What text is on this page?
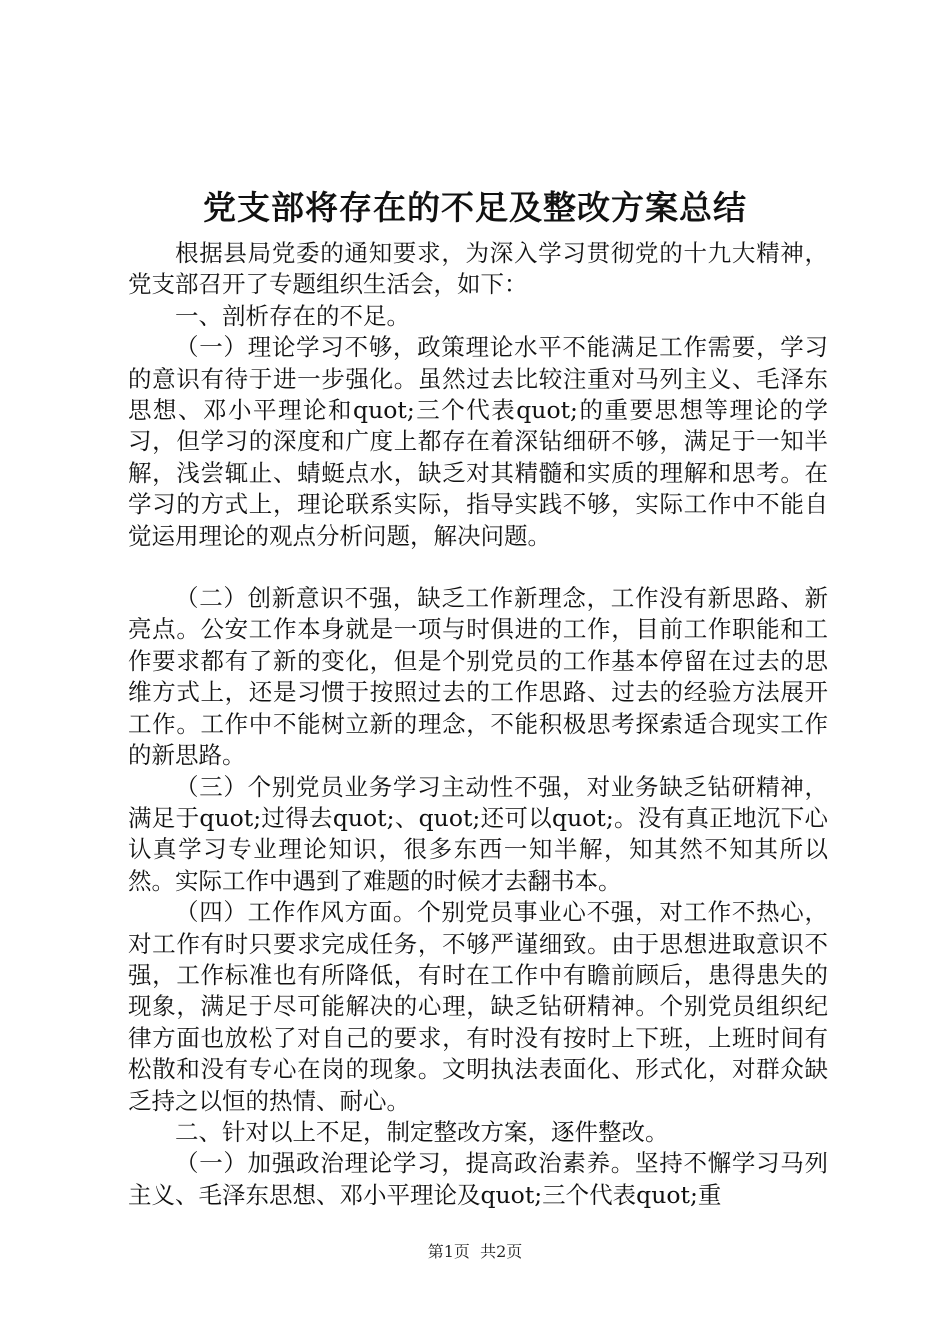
党支部将存在的不足及整改方案总结

根据县局党委的通知要求，为深入学习贯彻党的十九大精神，党支部召开了专题组织生活会，如下：

一、剖析存在的不足。

（一）理论学习不够，政策理论水平不能满足工作需要，学习的意识有待于进一步强化。虽然过去比较注重对马列主义、毛泽东思想、邓小平理论和quot;三个代表quot;的重要思想等理论的学习，但学习的深度和广度上都存在着深钻细研不够，满足于一知半解，浅尝辄止、蜻蜓点水，缺乏对其精髓和实质的理解和思考。在学习的方式上，理论联系实际，指导实践不够，实际工作中不能自觉运用理论的观点分析问题，解决问题。

（二）创新意识不强，缺乏工作新理念，工作没有新思路、新亮点。公安工作本身就是一项与时俱进的工作，目前工作职能和工作要求都有了新的变化，但是个别党员的工作基本停留在过去的思维方式上，还是习惯于按照过去的工作思路、过去的经验方法展开工作。工作中不能树立新的理念，不能积极思考探索适合现实工作的新思路。

（三）个别党员业务学习主动性不强，对业务缺乏钻研精神，满足于quot;过得去quot;、quot;还可以quot;。没有真正地沉下心认真学习专业理论知识，很多东西一知半解，知其然不知其所以然。实际工作中遇到了难题的时候才去翻书本。

（四）工作作风方面。个别党员事业心不强，对工作不热心，对工作有时只要求完成任务，不够严谨细致。由于思想进取意识不强，工作标准也有所降低，有时在工作中有瞻前顾后，患得患失的现象，满足于尽可能解决的心理，缺乏钻研精神。个别党员组织纪律方面也放松了对自己的要求，有时没有按时上下班，上班时间有松散和没有专心在岗的现象。文明执法表面化、形式化，对群众缺乏持之以恒的热情、耐心。

二、针对以上不足，制定整改方案，逐件整改。

（一）加强政治理论学习，提高政治素养。坚持不懈学习马列主义、毛泽东思想、邓小平理论及quot;三个代表quot;重

第1页  共2页
